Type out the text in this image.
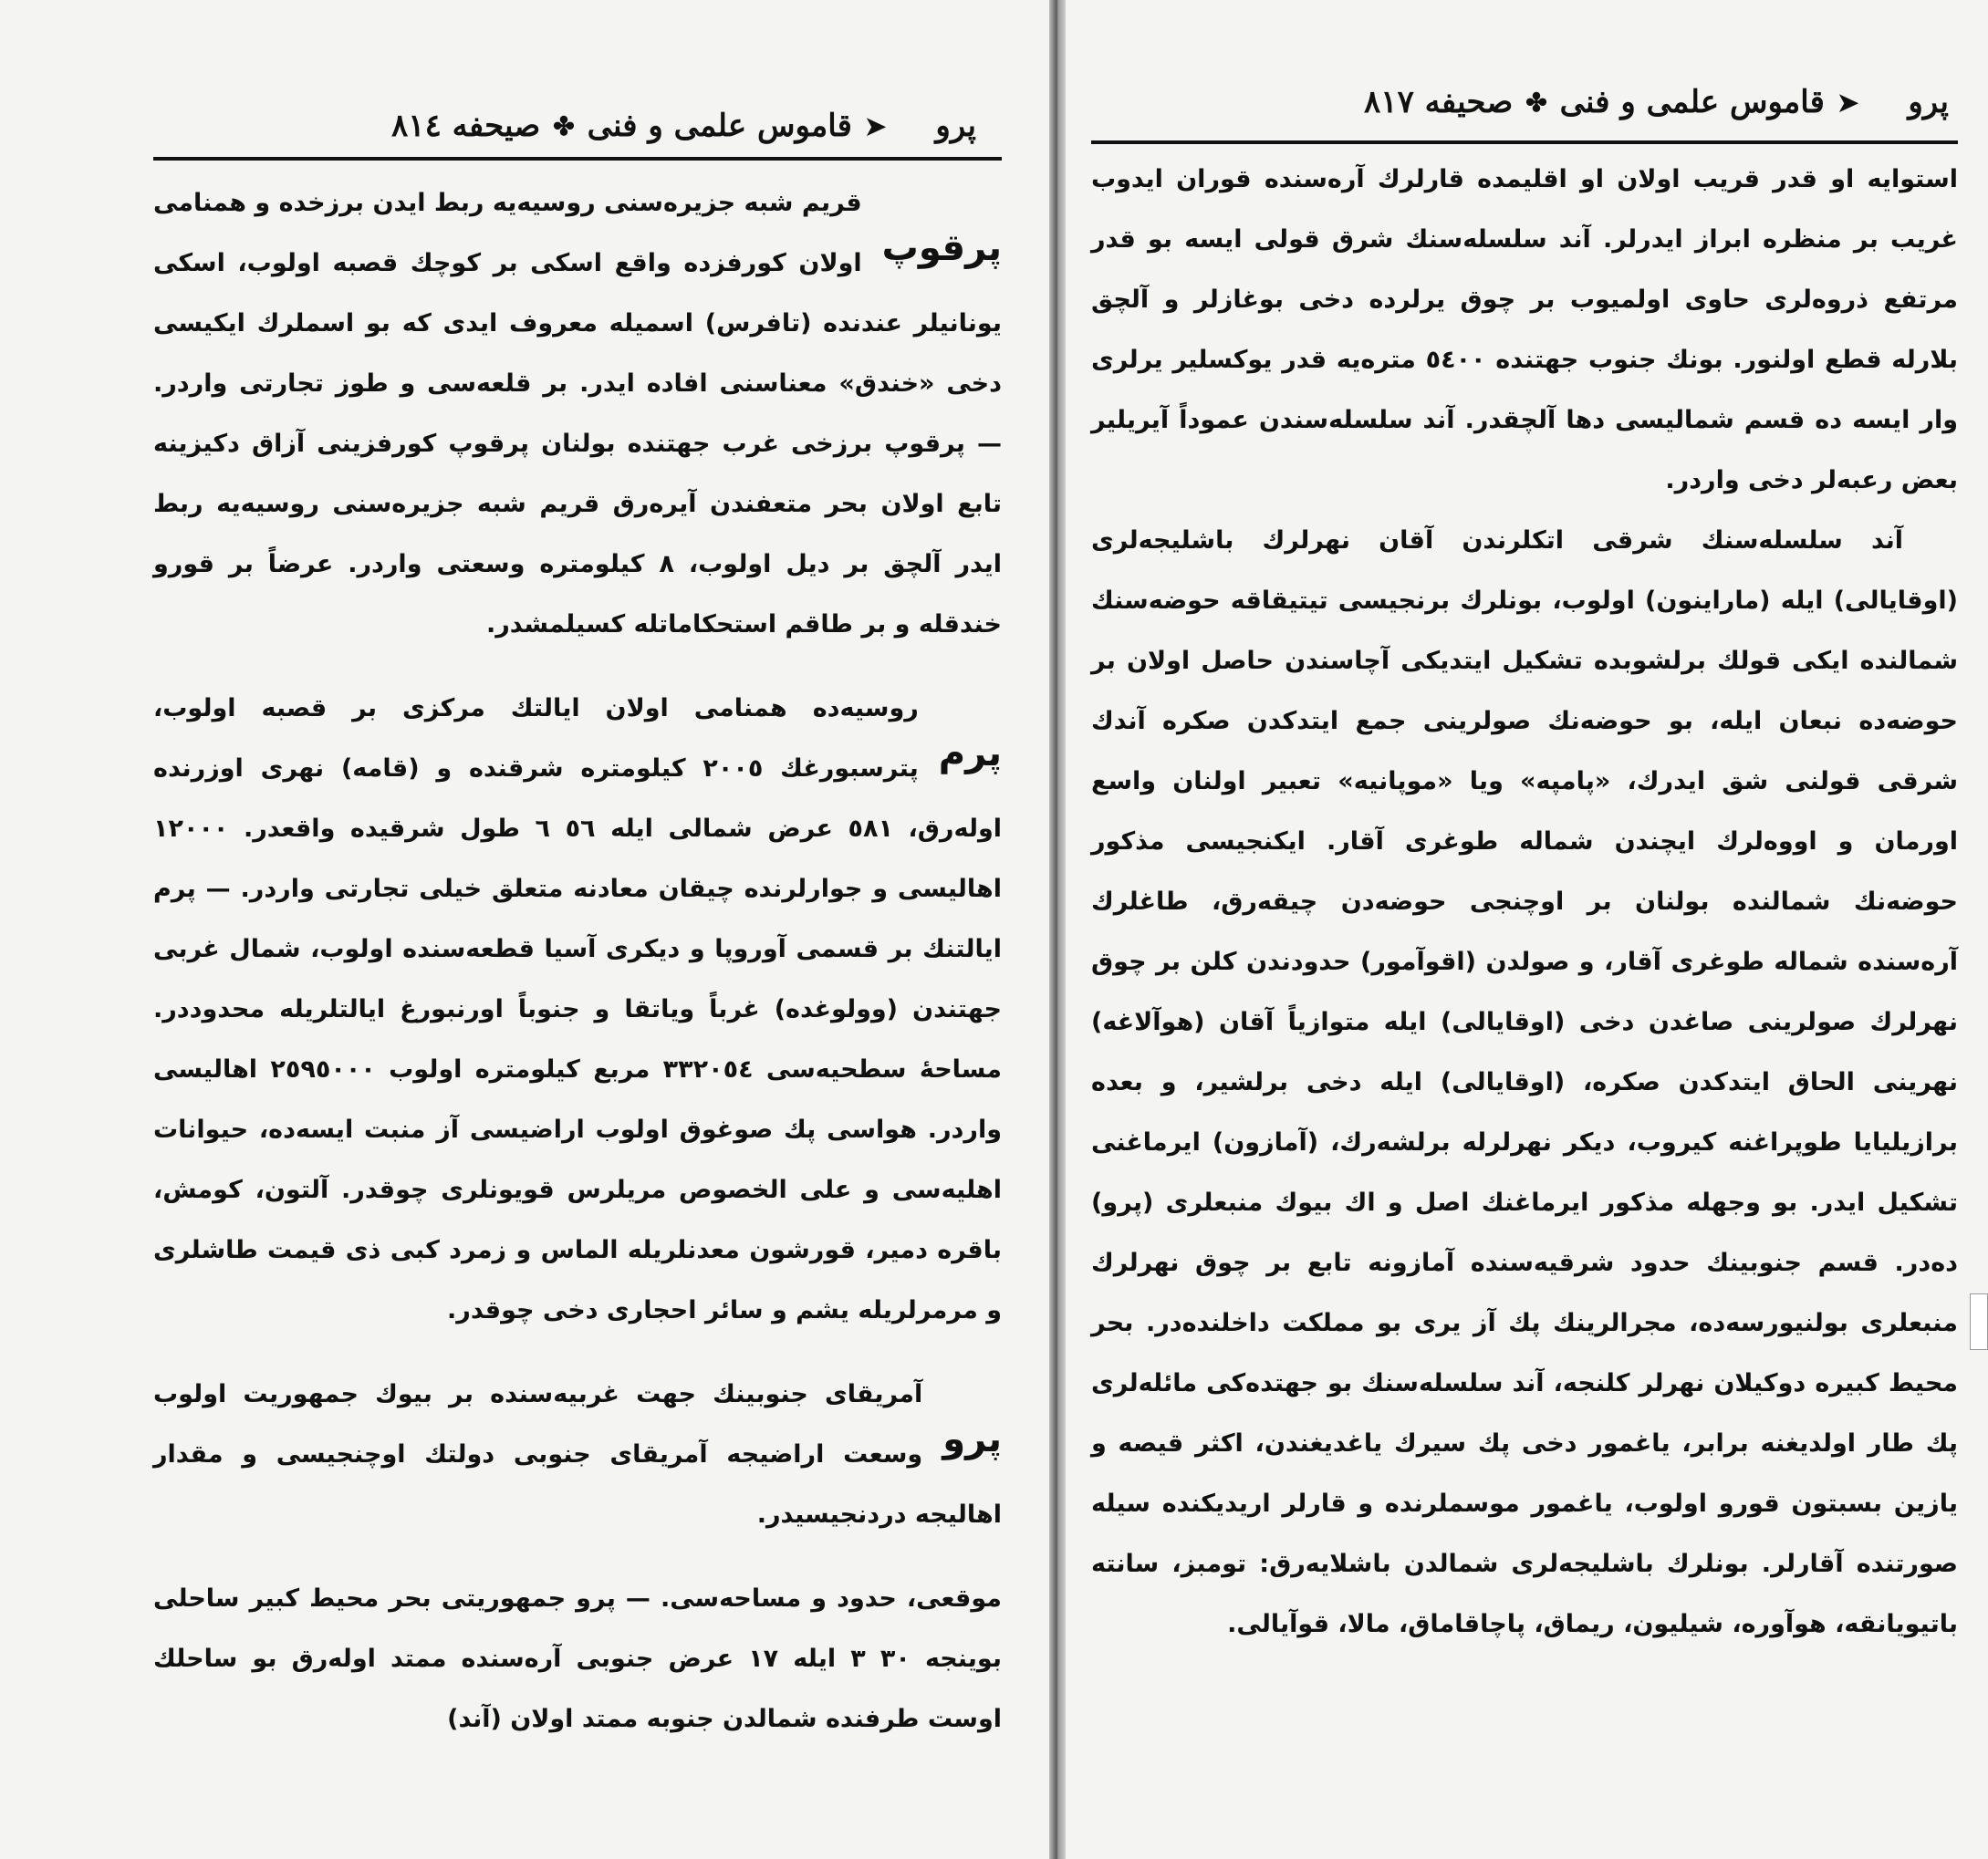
پرو
➤
قاموس علمی و فنی
✤
صیحفه ٨١٤
پرقوپ

قریم شبه جزیره‌سنی روسیه‌یه ربط ایدن برزخده و همنامی اولان کورفزده واقع اسکی بر کوچك قصبه اولوب، اسکی یونانیلر عندنده (تافرس) اسمیله معروف ایدی که بو اسملرك ایکیسی دخی «خندق» معناسنی افاده ایدر. بر قلعه‌سی و طوز تجارتی واردر. — پرقوپ برزخی غرب جهتنده بولنان پرقوپ کورفزینی آزاق دکیزینه تابع اولان بحر متعفندن آیره‌رق قریم شبه جزیره‌سنی روسیه‌یه ربط ایدر آلچق بر دیل اولوب، ٨ کیلومتره وسعتی واردر. عرضاً بر قورو خندقله و بر طاقم استحکاماتله کسیلمشدر.

پرم

روسیه‌ده همنامی اولان ایالتك مرکزی بر قصبه اولوب، پترسبورغك ٢٠٠٥ کیلومتره شرقنده و (قامه) نهری اوزرنده اوله‌رق، ٥٨١ عرض شمالی ایله ٥٦ ٦ طول شرقیده واقعدر. ١٢٠٠٠ اهالیسی و جوارلرنده چیقان معادنه متعلق خیلی تجارتی واردر. — پرم ایالتنك بر قسمی آوروپا و دیکری آسیا قطعه‌سنده اولوب، شمال غربی جهتندن (وولوغده) غرباً ویاتقا و جنوباً اورنبورغ ایالتلریله محدوددر. مساحهٔ سطحیه‌سی ٣٣٢٠٥٤ مربع کیلومتره اولوب ٢٥٩٥٠٠٠ اهالیسی واردر. هواسی پك صوغوق اولوب اراضیسی آز منبت ایسه‌ده، حیوانات اهلیه‌سی و علی الخصوص مریلرس قویونلری چوقدر. آلتون، کومش، باقره دمیر، قورشون معدنلریله الماس و زمرد کبی ذی قیمت طاشلری و مرمرلریله یشم و سائر احجاری دخی چوقدر.

پرو

آمریقای جنوبینك جهت غربیه‌سنده بر بیوك جمهوریت اولوب وسعت اراضیجه آمریقای جنوبی دولتك اوچنجیسی و مقدار اهالیجه دردنجیسیدر.

موقعی، حدود و مساحه‌سی. — پرو جمهوریتی بحر محیط کبیر ساحلی بوینجه ٣٠ ٣ ایله ١٧ عرض جنوبی آره‌سنده ممتد اوله‌رق بو ساحلك اوست طرفنده شمالدن جنوبه ممتد اولان (آند)

پرو
➤
قاموس علمی و فنی
✤
صحیفه ٨١٧

استوایه او قدر قریب اولان او اقلیمده قارلرك آره‌سنده قوران ایدوب غریب بر منظره ابراز ایدرلر. آند سلسله‌سنك شرق قولی ایسه بو قدر مرتفع ذروه‌لری حاوی اولمیوب بر چوق یرلرده دخی بوغازلر و آلچق بلارله قطع اولنور. بونك جنوب جهتنده ٥٤٠٠ متره‌یه قدر یوکسلیر یرلری وار ایسه ده قسم شمالیسی دها آلچقدر. آند سلسله‌سندن عموداً آیریلیر بعض رعبه‌لر دخی واردر.

آند سلسله‌سنك شرقی اتکلرندن آقان نهرلرك باشلیجه‌لری (اوقایالی) ایله (ماراینون) اولوب، بونلرك برنجیسی تیتیقاقه حوضه‌سنك شمالنده ایکی قولك برلشوبده تشکیل ایتدیکی آچاسندن حاصل اولان بر حوضه‌ده نبعان ایله، بو حوضه‌نك صولرینی جمع ایتدکدن صکره آندك شرقی قولنی شق ایدرك، «پامپه» ویا «موپانیه» تعبیر اولنان واسع اورمان و اووه‌لرك ایچندن شماله طوغری آقار. ایکنجیسی مذکور حوضه‌نك شمالنده بولنان بر اوچنجی حوضه‌دن چیقه‌رق، طاغلرك آره‌سنده شماله طوغری آقار، و صولدن (اقوآمور) حدودندن کلن بر چوق نهرلرك صولرینی صاغدن دخی (اوقایالی) ایله متوازیاً آقان (هوآلاغه) نهرینی الحاق ایتدکدن صکره، (اوقایالی) ایله دخی برلشیر، و بعده برازیلیایا طوپراغنه کیروب، دیکر نهرلرله برلشه‌رك، (آمازون) ایرماغنی تشکیل ایدر. بو وجهله مذکور ایرماغنك اصل و اك بیوك منبعلری (پرو) ده‌در. قسم جنوبینك حدود شرقیه‌سنده آمازونه تابع بر چوق نهرلرك منبعلری بولنیورسه‌ده، مجرالرینك پك آز یری بو مملکت داخلنده‌در. بحر محیط کبیره دوکیلان نهرلر کلنجه، آند سلسله‌سنك بو جهتده‌کی مائله‌لری پك طار اولدیغنه برابر، یاغمور دخی پك سیرك یاغدیغندن، اکثر قیصه و یازین بسبتون قورو اولوب، یاغمور موسملرنده و قارلر اریدیکنده سیله صورتنده آقارلر. بونلرك باشلیجه‌لری شمالدن باشلایه‌رق: تومبز، سانته باتیویانقه، هوآوره، شیلیون، ریماق، پاچاقاماق، مالا، قوآیالی.
